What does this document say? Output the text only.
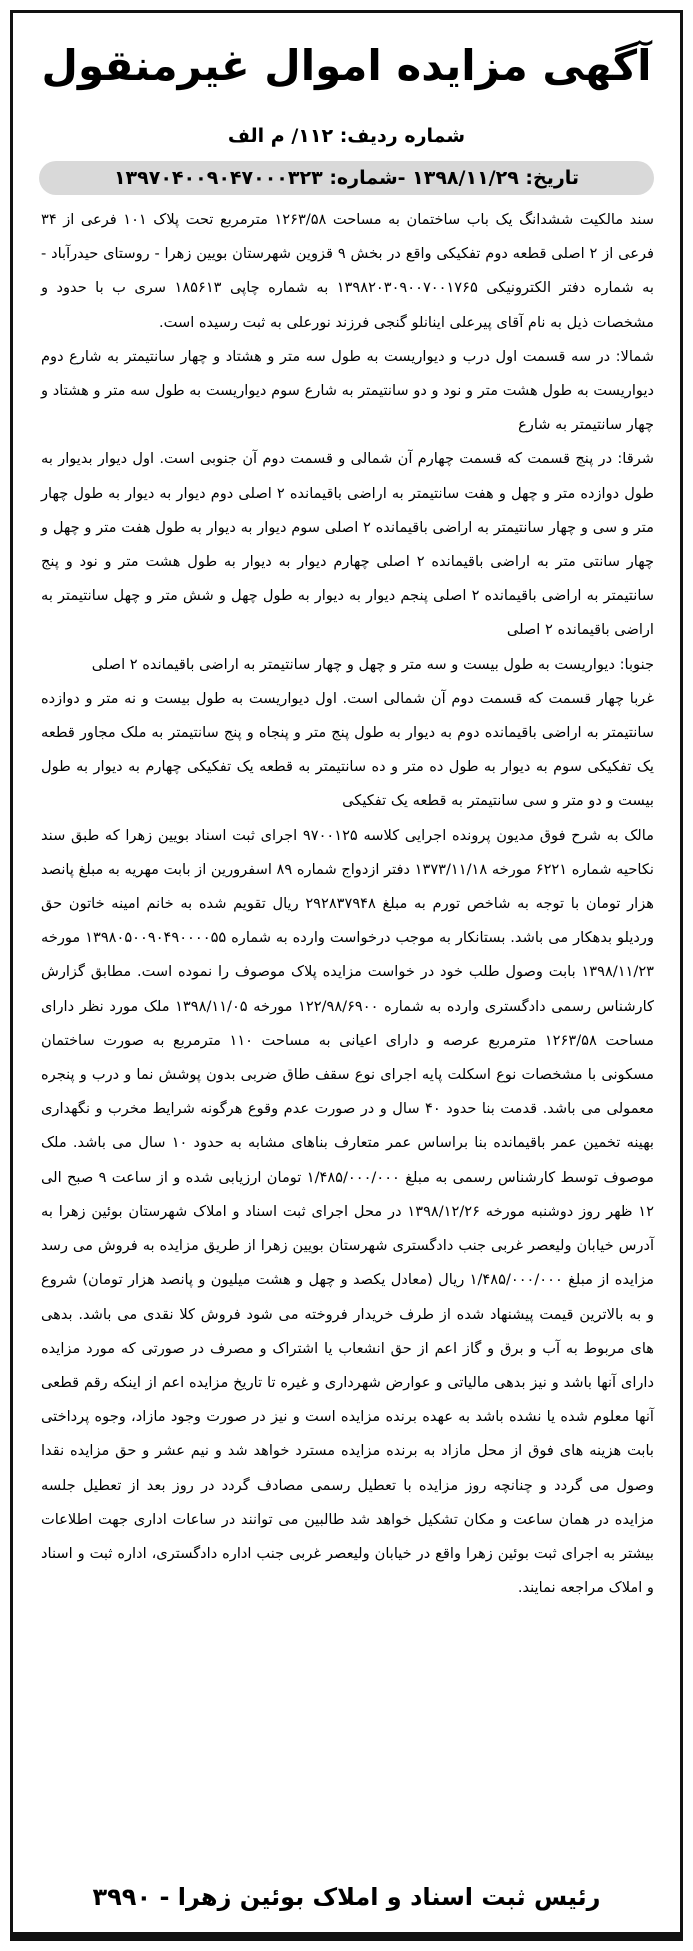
آگهی مزایده اموال غیرمنقول
شماره ردیف: ۱۱۲/ م الف
تاریخ: ۱۳۹۸/۱۱/۲۹ -شماره: ۱۳۹۷۰۴۰۰۹۰۴۷۰۰۰۳۲۳

سند مالکیت ششدانگ یک باب ساختمان به مساحت ۱۲۶۳/۵۸ مترمربع تحت پلاک ۱۰۱ فرعی از ۳۴ فرعی از ۲ اصلی قطعه دوم تفکیکی واقع در بخش ۹ قزوین شهرستان بویین زهرا - روستای حیدرآباد - به شماره دفتر الکترونیکی ۱۳۹۸۲۰۳۰۹۰۰۷۰۰۱۷۶۵ به شماره چاپی ۱۸۵۶۱۳ سری ب با حدود و مشخصات ذیل به نام آقای پیرعلی اینانلو گنجی فرزند نورعلی به ثبت رسیده است.

شمالا: در سه قسمت اول درب و دیواریست به طول سه متر و هشتاد و چهار سانتیمتر به شارع دوم دیواریست به طول هشت متر و نود و دو سانتیمتر به شارع سوم دیواریست به طول سه متر و هشتاد و چهار سانتیمتر به شارع

شرقا: در پنج قسمت که قسمت چهارم آن شمالی و قسمت دوم آن جنوبی است. اول دیوار بدیوار به طول دوازده متر و چهل و هفت سانتیمتر به اراضی باقیمانده ۲ اصلی دوم دیوار به دیوار به طول چهار متر و سی و چهار سانتیمتر به اراضی باقیمانده ۲ اصلی سوم دیوار به دیوار به طول هفت متر و چهل و چهار سانتی متر به اراضی باقیمانده ۲ اصلی چهارم دیوار به دیوار به طول هشت متر و نود و پنج سانتیمتر به اراضی باقیمانده ۲ اصلی پنجم دیوار به دیوار به طول چهل و شش متر و چهل سانتیمتر به اراضی باقیمانده ۲ اصلی

جنوبا: دیواریست به طول بیست و سه متر و چهل و چهار سانتیمتر به اراضی باقیمانده ۲ اصلی

غربا چهار قسمت که قسمت دوم آن شمالی است. اول دیواریست به طول بیست و نه متر و دوازده سانتیمتر به اراضی باقیمانده دوم به دیوار به طول پنج متر و پنجاه و پنج سانتیمتر به ملک مجاور قطعه یک تفکیکی سوم به دیوار به طول ده متر و ده سانتیمتر به قطعه یک تفکیکی چهارم به دیوار به طول بیست و دو متر و سی سانتیمتر به قطعه یک تفکیکی

مالک به شرح فوق مدیون پرونده اجرایی کلاسه ۹۷۰۰۱۲۵ اجرای ثبت اسناد بویین زهرا که طبق سند نکاحیه شماره ۶۲۲۱ مورخه ۱۳۷۳/۱۱/۱۸ دفتر ازدواج شماره ۸۹ اسفرورین از بابت مهریه به مبلغ پانصد هزار تومان با توجه به شاخص تورم به مبلغ ۲۹۲۸۳۷۹۴۸ ریال تقویم شده به خانم امینه خاتون حق وردیلو بدهکار می باشد. بستانکار به موجب درخواست وارده به شماره ۱۳۹۸۰۵۰۰۹۰۴۹۰۰۰۰۵۵ مورخه ۱۳۹۸/۱۱/۲۳ بابت وصول طلب خود در خواست مزایده پلاک موصوف را نموده است. مطابق گزارش کارشناس رسمی دادگستری وارده به شماره ۱۲۲/۹۸/۶۹۰۰ مورخه ۱۳۹۸/۱۱/۰۵ ملک مورد نظر دارای مساحت ۱۲۶۳/۵۸ مترمربع عرصه و دارای اعیانی به مساحت ۱۱۰ مترمربع به صورت ساختمان مسکونی با مشخصات نوع اسکلت پایه اجرای نوع سقف طاق ضربی بدون پوشش نما و درب و پنجره معمولی می باشد. قدمت بنا حدود ۴۰ سال و در صورت عدم وقوع هرگونه شرایط مخرب و نگهداری بهینه تخمین عمر باقیمانده بنا براساس عمر متعارف بناهای مشابه به حدود ۱۰ سال می باشد. ملک موصوف توسط کارشناس رسمی به مبلغ ۱/۴۸۵/۰۰۰/۰۰۰ تومان ارزیابی شده و از ساعت ۹ صبح الی ۱۲ ظهر روز دوشنبه مورخه ۱۳۹۸/۱۲/۲۶ در محل اجرای ثبت اسناد و املاک شهرستان بوئین زهرا به آدرس خیابان ولیعصر غربی جنب دادگستری شهرستان بویین زهرا از طریق مزایده به فروش می رسد مزایده از مبلغ ۱/۴۸۵/۰۰۰/۰۰۰ ریال (معادل یکصد و چهل و هشت میلیون و پانصد هزار تومان) شروع و به بالاترین قیمت پیشنهاد شده از طرف خریدار فروخته می شود فروش کلا نقدی می باشد. بدهی های مربوط به آب و برق و گاز اعم از حق انشعاب یا اشتراک و مصرف در صورتی که مورد مزایده دارای آنها باشد و نیز بدهی مالیاتی و عوارض شهرداری و غیره تا تاریخ مزایده اعم از اینکه رقم قطعی آنها معلوم شده یا نشده باشد به عهده برنده مزایده است و نیز در صورت وجود مازاد، وجوه پرداختی بابت هزینه های فوق از محل مازاد به برنده مزایده مسترد خواهد شد و نیم عشر و حق مزایده نقدا وصول می گردد و چنانچه روز مزایده با تعطیل رسمی مصادف گردد در روز بعد از تعطیل جلسه مزایده در همان ساعت و مکان تشکیل خواهد شد طالبین می توانند در ساعات اداری جهت اطلاعات بیشتر به اجرای ثبت بوئین زهرا واقع در خیابان ولیعصر غربی جنب اداره دادگستری، اداره ثبت و اسناد و املاک مراجعه نمایند.

رئیس ثبت اسناد و املاک بوئین زهرا - ۳۹۹۰
